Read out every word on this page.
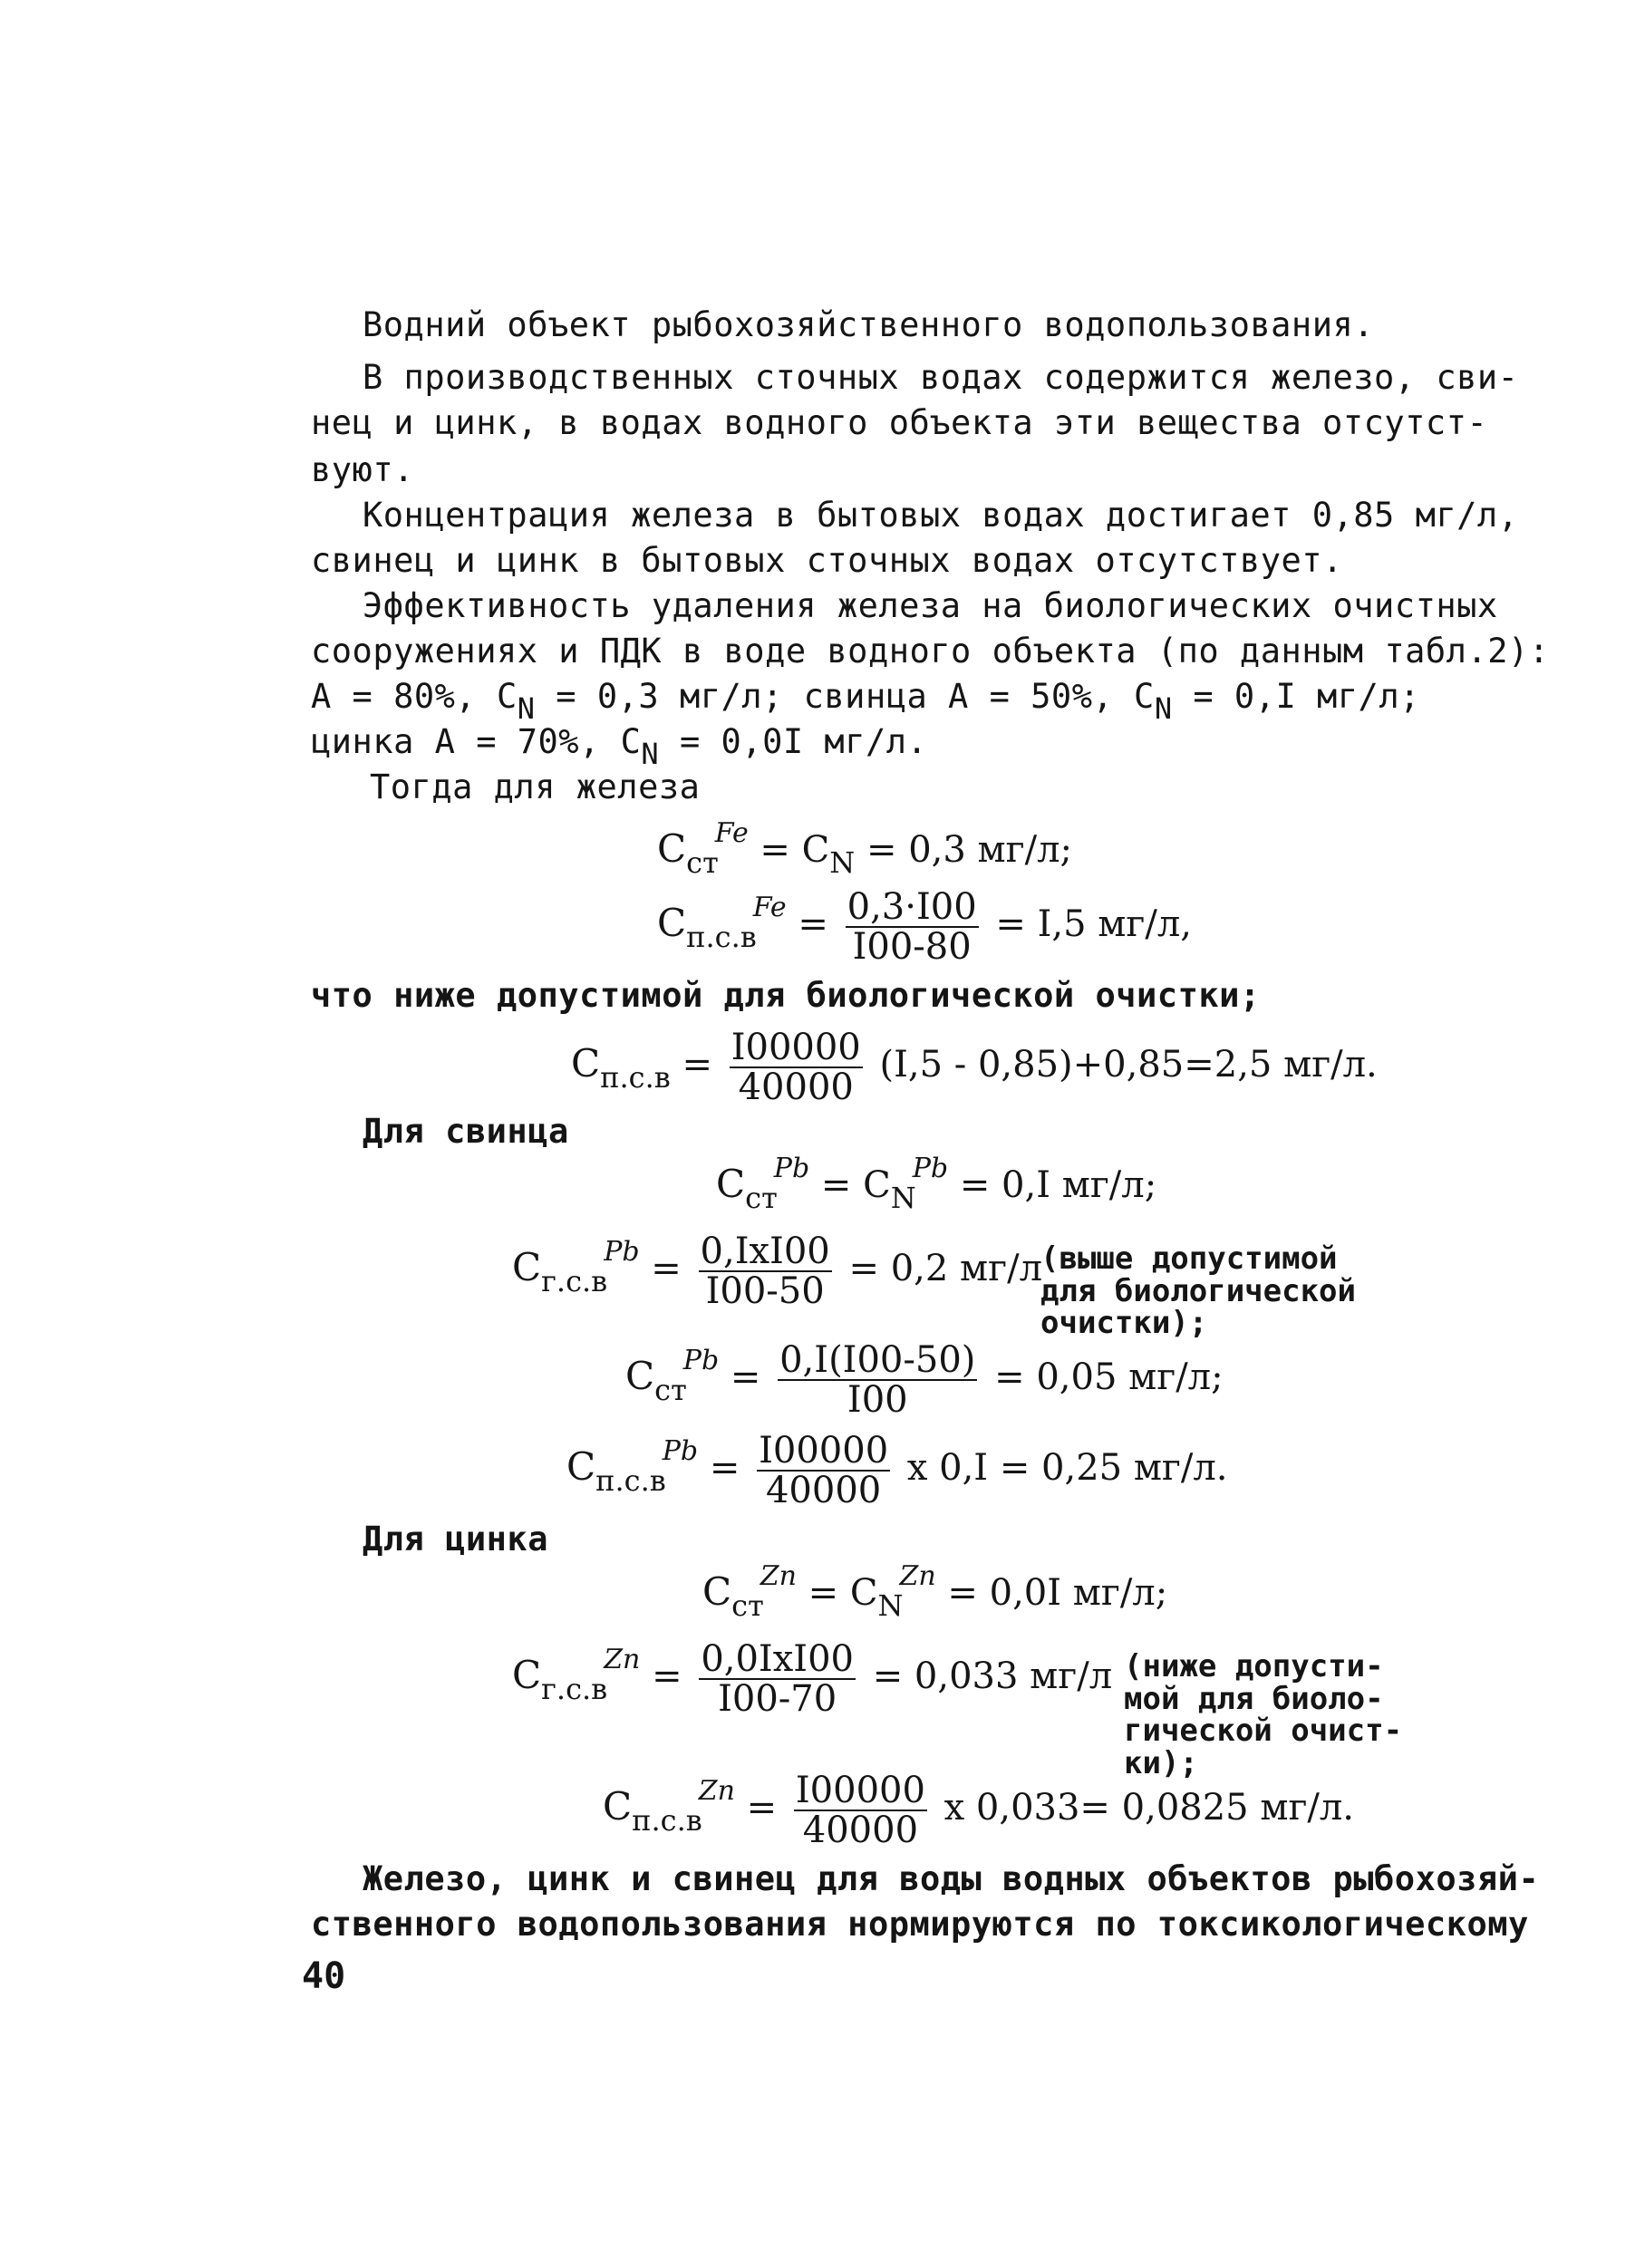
Водний объект рыбохозяйственного водопользования.
В производственных сточных водах содержится железо, сви-
нец и цинк, в водах водного объекта эти вещества отсутст-
вуют.
Концентрация железа в бытовых водах достигает 0,85 мг/л,
свинец и цинк в бытовых сточных водах отсутствует.
Эффективность удаления железа на биологических очистных
сооружениях и ПДК в воде водного объекта (по данным табл.2):
А = 80%, CN = 0,3 мг/л; свинца А = 50%, CN = 0,I мг/л;
цинка А = 70%, CN = 0,0I мг/л.
Тогда для железа
$C_{ст}^{Fe} = C_N = 0,3$ мг/л;
$C_{п.с.в}^{Fe} = \frac{0,3\cdot I00}{I00-80} = I,5$ мг/л,
что ниже допустимой для биологической очистки;
$C_{п.с.в} = \frac{I00000}{40000} (I,5 - 0,85)+0,85=2,5$ мг/л.
Для свинца
$C_{ст}^{Pb} = C_N^{Pb} = 0,I$ мг/л;
$C_{г.с.в}^{Pb} = \frac{\text{0,IxI00}}{I00-50} = 0,2$ мг/л
(выше допустимой
для биологической
очистки);
$C_{ст}^{Pb} = \frac{0,I(I00-50)}{I00} = 0,05$ мг/л;
$C_{п.с.в}^{Pb} = \frac{I00000}{40000}$ x 0,I = 0,25 мг/л.
Для цинка
$C_{ст}^{Zn} = C_N^{Zn} = 0,0I$ мг/л;
$C_{г.с.в}^{Zn} = \frac{\text{0,0IxI00}}{I00-70} = 0,033$ мг/л (ниже допусти-
мой для биоло-
гической очист-
ки);
$C_{п.с.в}^{Zn} = \frac{I00000}{40000}$ x 0,033= 0,0825 мг/л.
Железо, цинк и свинец для воды водных объектов рыбохозяй-
ственного водопользования нормируются по токсикологическому
40
